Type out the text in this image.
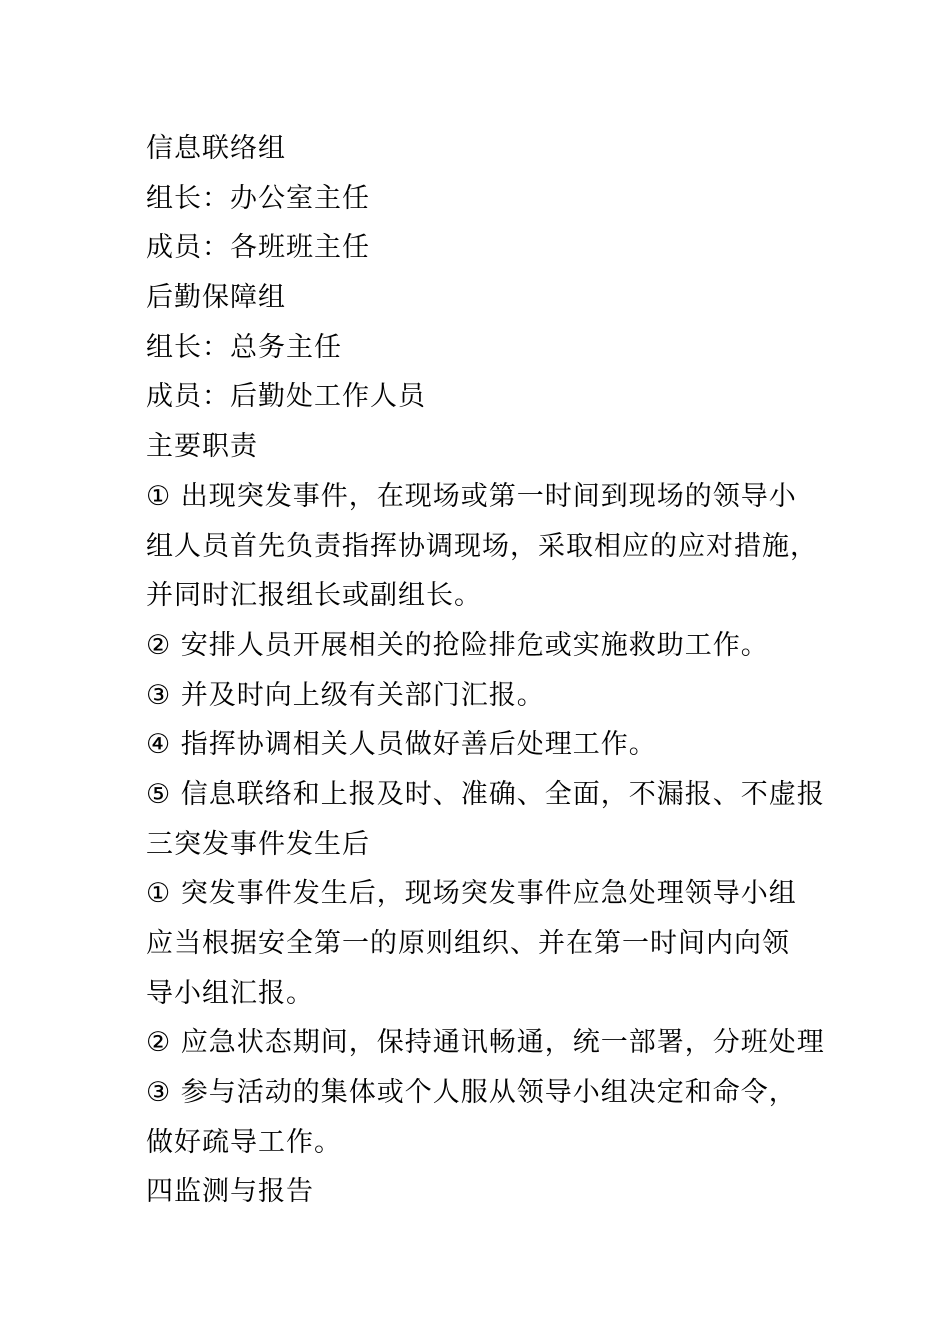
信息联络组
组长：办公室主任
成员：各班班主任
后勤保障组
组长：总务主任
成员：后勤处工作人员
主要职责
① 出现突发事件，在现场或第一时间到现场的领导小
组人员首先负责指挥协调现场，采取相应的应对措施，
并同时汇报组长或副组长。
② 安排人员开展相关的抢险排危或实施救助工作。
③ 并及时向上级有关部门汇报。
④ 指挥协调相关人员做好善后处理工作。
⑤ 信息联络和上报及时、准确、全面，不漏报、不虚报
三突发事件发生后
① 突发事件发生后，现场突发事件应急处理领导小组
应当根据安全第一的原则组织、并在第一时间内向领
导小组汇报。
② 应急状态期间，保持通讯畅通，统一部署，分班处理
③ 参与活动的集体或个人服从领导小组决定和命令，
做好疏导工作。
四监测与报告
